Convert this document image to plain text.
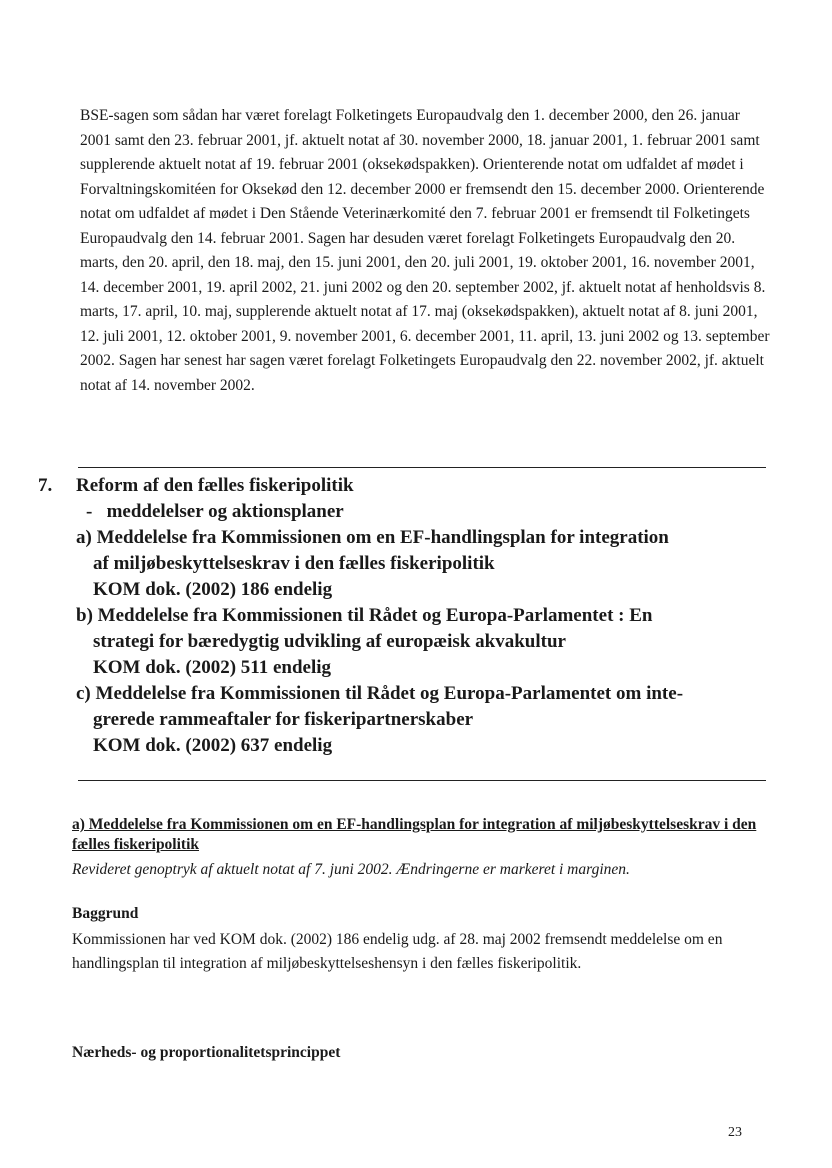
BSE-sagen som sådan har været forelagt Folketingets Europaudvalg den 1. december 2000, den 26. januar 2001 samt den 23. februar 2001, jf. aktuelt notat af 30. november 2000, 18. januar 2001, 1. februar 2001 samt supplerende aktuelt notat af 19. februar 2001 (oksekødspakken). Orienterende notat om udfaldet af mødet i Forvaltningskomitéen for Oksekød den 12. december 2000 er fremsendt den 15. december 2000. Orienterende notat om udfaldet af mødet i Den Stående Veterinærkomité den 7. februar 2001 er fremsendt til Folketingets Europaudvalg den 14. februar 2001. Sagen har desuden været forelagt Folketingets Europaudvalg den 20. marts, den 20. april, den 18. maj, den 15. juni 2001, den 20. juli 2001, 19. oktober 2001, 16. november 2001, 14. december 2001, 19. april 2002, 21. juni 2002 og den 20. september 2002, jf. aktuelt notat af henholdsvis 8. marts, 17. april, 10. maj, supplerende aktuelt notat af 17. maj (oksekødspakken), aktuelt notat af 8. juni 2001, 12. juli 2001, 12. oktober 2001, 9. november 2001, 6. december 2001, 11. april, 13. juni 2002 og 13. september 2002. Sagen har senest har sagen været forelagt Folketingets Europaudvalg den 22. november 2002, jf. aktuelt notat af 14. november 2002.
7. Reform af den fælles fiskeripolitik
- meddelelser og aktionsplaner
a) Meddelelse fra Kommissionen om en EF-handlingsplan for integration
af miljøbeskyttelseskrav i den fælles fiskeripolitik
KOM dok. (2002) 186 endelig
b) Meddelelse fra Kommissionen til Rådet og Europa-Parlamentet : En
strategi for bæredygtig udvikling af europæisk akvakultur
KOM dok. (2002) 511 endelig
c) Meddelelse fra Kommissionen til Rådet og Europa-Parlamentet om inte-
grerede rammeaftaler for fiskeripartnerskaber
KOM dok. (2002) 637 endelig
a) Meddelelse fra Kommissionen om en EF-handlingsplan for integration af miljøbeskyttelseskrav i den fælles fiskeripolitik
Revideret genoptryk af aktuelt notat af 7. juni 2002. Ændringerne er markeret i marginen.
Baggrund
Kommissionen har ved KOM dok. (2002) 186 endelig udg. af 28. maj 2002 fremsendt meddelelse om en handlingsplan til integration af miljøbeskyttelseshensyn i den fælles fiskeripolitik.
Nærheds- og proportionalitetsprincippet
23
